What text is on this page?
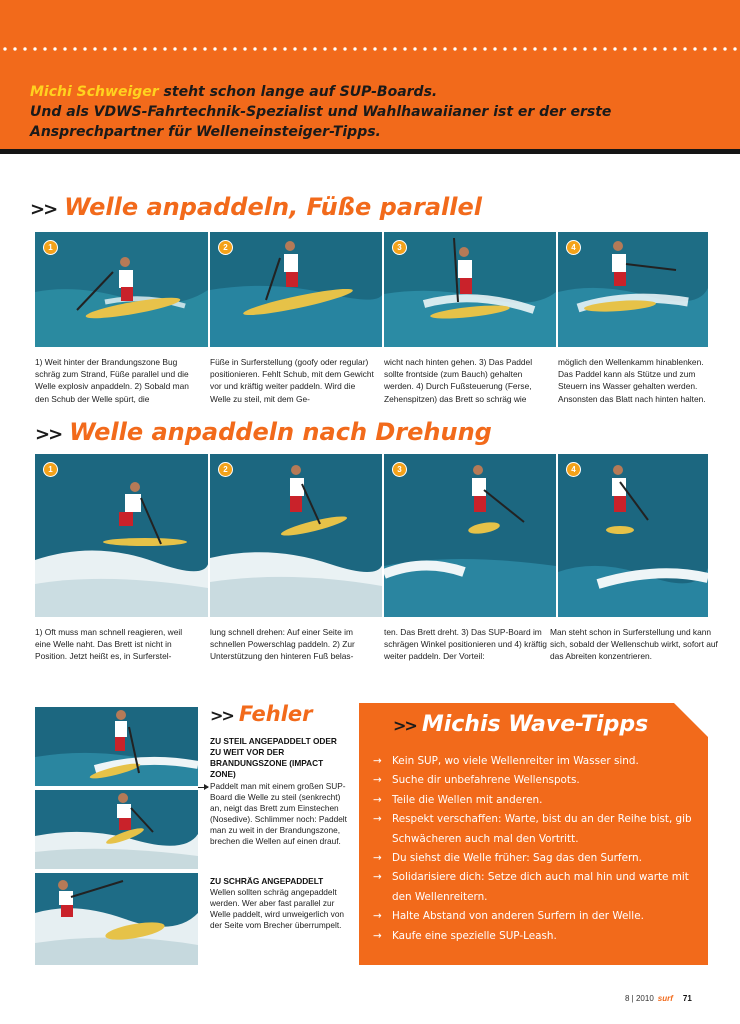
Michi Schweiger steht schon lange auf SUP-Boards.
Und als VDWS-Fahrtechnik-Spezialist und Wahlhawaiianer ist er der erste
Ansprechpartner für Welleneinsteiger-Tipps.

>> Welle anpaddeln, Füße parallel
1	2	3	4

1) Weit hinter der Brandungszone Bug schräg zum Strand, Füße parallel und die Welle explosiv anpaddeln. 2) Sobald man den Schub der Welle spürt, die

Füße in Surferstellung (goofy oder regular) positionieren. Fehlt Schub, mit dem Gewicht vor und kräftig weiter paddeln. Wird die Welle zu steil, mit dem Ge-

wicht nach hinten gehen. 3) Das Paddel sollte frontside (zum Bauch) gehalten werden. 4) Durch Fußsteuerung (Ferse, Zehenspitzen) das Brett so schräg wie

möglich den Wellenkamm hinablenken. Das Paddel kann als Stütze und zum Steuern ins Wasser gehalten werden. Ansonsten das Blatt nach hinten halten.

>> Welle anpaddeln nach Drehung
1	2	3	4

1) Oft muss man schnell reagieren, weil eine Welle naht. Das Brett ist nicht in Position. Jetzt heißt es, in Surferstel-

lung schnell drehen: Auf einer Seite im schnellen Powerschlag paddeln. 2) Zur Unterstützung den hinteren Fuß belas-

ten. Das Brett dreht. 3) Das SUP-Board im schrägen Winkel positionieren und 4) kräftig weiter paddeln. Der Vorteil:

Man steht schon in Surferstellung und kann sich, sobald der Wellenschub wirkt, sofort auf das Abreiten konzentrieren.

>> Fehler

ZU STEIL ANGEPADDELT ODER ZU WEIT VOR DER BRANDUNGSZONE (IMPACT ZONE)

Paddelt man mit einem großen SUP-Board die Welle zu steil (senkrecht) an, neigt das Brett zum Einstechen (Nosedive). Schlimmer noch: Paddelt man zu weit in der Brandungszone, brechen die Wellen auf einen drauf.

ZU SCHRÄG ANGEPADDELT

Wellen sollten schräg angepaddelt werden. Wer aber fast parallel zur Welle paddelt, wird unweigerlich von der Seite vom Brecher überrumpelt.

>> Michis Wave-Tipps
→ Kein SUP, wo viele Wellenreiter im Wasser sind.
→ Suche dir unbefahrene Wellenspots.
→ Teile die Wellen mit anderen.
→ Respekt verschaffen: Warte, bist du an der Reihe bist, gib Schwächeren auch mal den Vortritt.
→ Du siehst die Welle früher: Sag das den Surfern.
→ Solidarisiere dich: Setze dich auch mal hin und warte mit den Wellenreitern.
→ Halte Abstand von anderen Surfern in der Welle.
→ Kaufe eine spezielle SUP-Leash.
8 | 2010 surf 71
